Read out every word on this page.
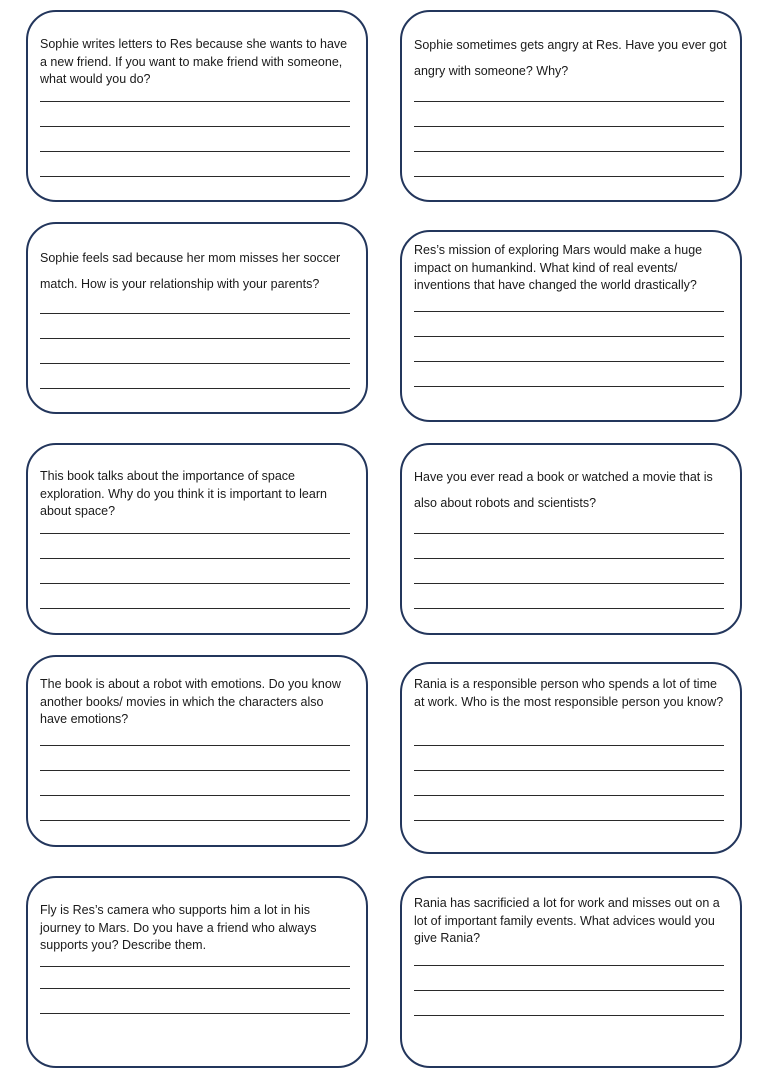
Sophie writes letters to Res because she wants to have a new friend. If you want to make friend with someone, what would you do?

Sophie sometimes gets angry at Res. Have you ever got angry with someone? Why?

Sophie feels sad because her mom misses her soccer match. How is your relationship with your parents?

Res’s mission of exploring Mars would make a huge impact on humankind. What kind of real events/ inventions that have changed the world drastically?

This book talks about the importance of space exploration. Why do you think it is important to learn about space?

Have you ever read a book or watched a movie that is also about robots and scientists?

The book is about a robot with emotions. Do you know another books/ movies in which the characters also have emotions?

Rania is a responsible person who spends a lot of time at work. Who is the most responsible person you know?

Fly is Res’s camera who supports him a lot in his journey to Mars. Do you have a friend who always supports you? Describe them.

Rania has sacrificied a lot for work and misses out on a lot of important family events. What advices would you give Rania?
